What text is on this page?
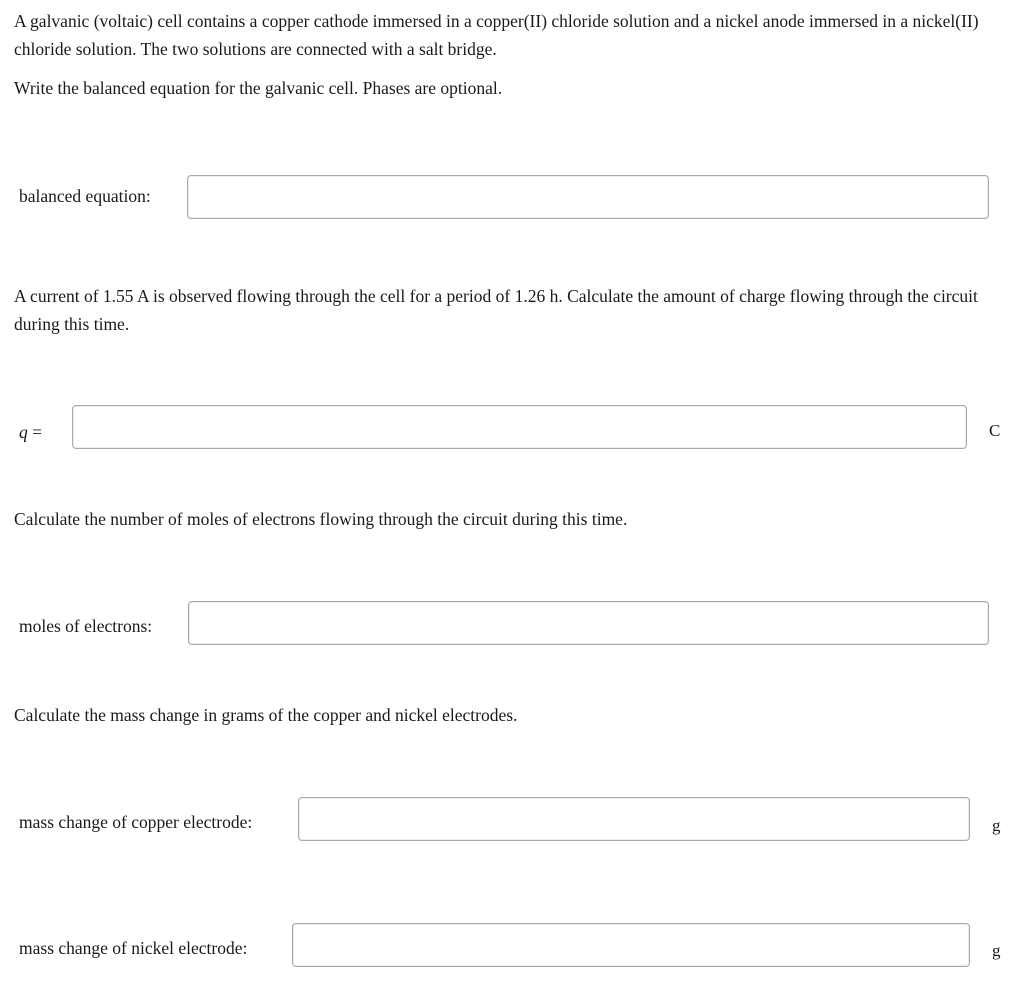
A galvanic (voltaic) cell contains a copper cathode immersed in a copper(II) chloride solution and a nickel anode immersed in a nickel(II) chloride solution. The two solutions are connected with a salt bridge.

Write the balanced equation for the galvanic cell. Phases are optional.

balanced equation:

A current of 1.55 A is observed flowing through the cell for a period of 1.26 h. Calculate the amount of charge flowing through the circuit during this time.

q =	C

Calculate the number of moles of electrons flowing through the circuit during this time.

moles of electrons:

Calculate the mass change in grams of the copper and nickel electrodes.

mass change of copper electrode:	g
mass change of nickel electrode:	g
